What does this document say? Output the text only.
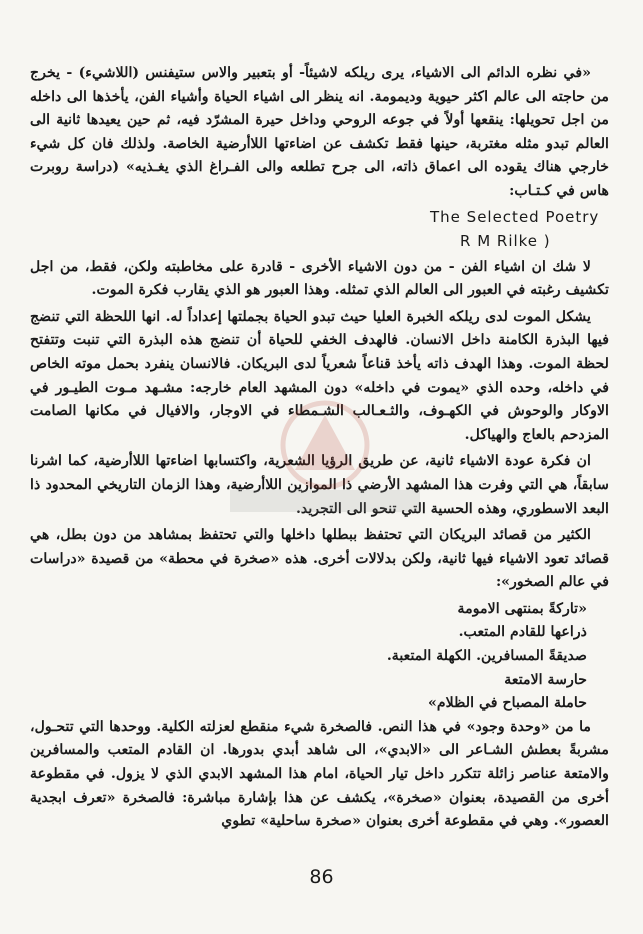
«في نظره الدائم الى الاشياء، يرى ريلكه لاشيئاً- أو بتعبير والاس ستيفنس (اللاشيء) - يخرج من حاجته الى عالم اكثر حيوية وديمومة. انه ينظر الى اشياء الحياة وأشياء الفن، يأخذها الى داخله من اجل تحويلها: ينقعها أولاً في جوعه الروحي وداخل حيرة المشرّد فيه، ثم حين يعيدها ثانية الى العالم تبدو مثله مغتربة، حينها فقط تكشف عن اضاءتها اللاأرضية الخاصة. ولذلك فان كل شيء خارجي هناك يقوده الى اعماق ذاته، الى جرح تطلعه والى الفـراغ الذي يغـذيه» (دراسة روبرت هاس في كـتـاب:

The Selected Poetry
R M Rilke )

لا شك ان اشياء الفن - من دون الاشياء الأخرى - قادرة على مخاطبته ولكن، فقط، من اجل تكشيف رغبته في العبور الى العالم الذي تمثله. وهذا العبور هو الذي يقارب فكرة الموت.

يشكل الموت لدى ريلكه الخبرة العليا حيث تبدو الحياة بجملتها إعداداً له. انها اللحظة التي تنضج فيها البذرة الكامنة داخل الانسان. فالهدف الخفي للحياة أن تنضج هذه البذرة التي تنبت وتتفتح لحظة الموت. وهذا الهدف ذاته يأخذ قناعاً شعرياً لدى البريكان. فالانسان ينفرد بحمل موته الخاص في داخله، وحده الذي «يموت في داخله» دون المشهد العام خارجه: مشـهد مـوت الطيـور في الاوكار والوحوش في الكهـوف، والثـعـالب الشـمطاء في الاوجار، والافيال في مكانها الصامت المزدحم بالعاج والهياكل.

ان فكرة عودة الاشياء ثانية، عن طريق الرؤيا الشعرية، واكتسابها اضاءتها اللاأرضية، كما اشرنا سابقاً، هي التي وفرت هذا المشهد الأرضي ذا الموازين اللاأرضية، وهذا الزمان التاريخي المحدود ذا البعد الاسطوري، وهذه الحسية التي تنحو الى التجريد.

الكثير من قصائد البريكان التي تحتفظ ببطلها داخلها والتي تحتفظ بمشاهد من دون بطل، هي قصائد تعود الاشياء فيها ثانية، ولكن بدلالات أخرى. هذه «صخرة في محطة» من قصيدة «دراسات في عالم الصخور»:

«تاركةً بمنتهى الامومة

ذراعها للقادم المتعب.

صديقةً المسافرين. الكهلة المتعبة.

حارسة الامتعة

حاملة المصباح في الظلام»

ما من «وحدة وجود» في هذا النص. فالصخرة شيء منقطع لعزلته الكلية. ووحدها التي تتحـول، مشربةً بعطش الشـاعر الى «الابدي»، الى شاهد أبدي بدورها. ان القادم المتعب والمسافرين والامتعة عناصر زائلة تتكرر داخل تيار الحياة، امام هذا المشهد الابدي الذي لا يزول. في مقطوعة أخرى من القصيدة، بعنوان «صخرة»، يكشف عن هذا بإشارة مباشرة: فالصخرة «تعرف ابجدية العصور». وهي في مقطوعة أخرى بعنوان «صخرة ساحلية» تطوي

86
